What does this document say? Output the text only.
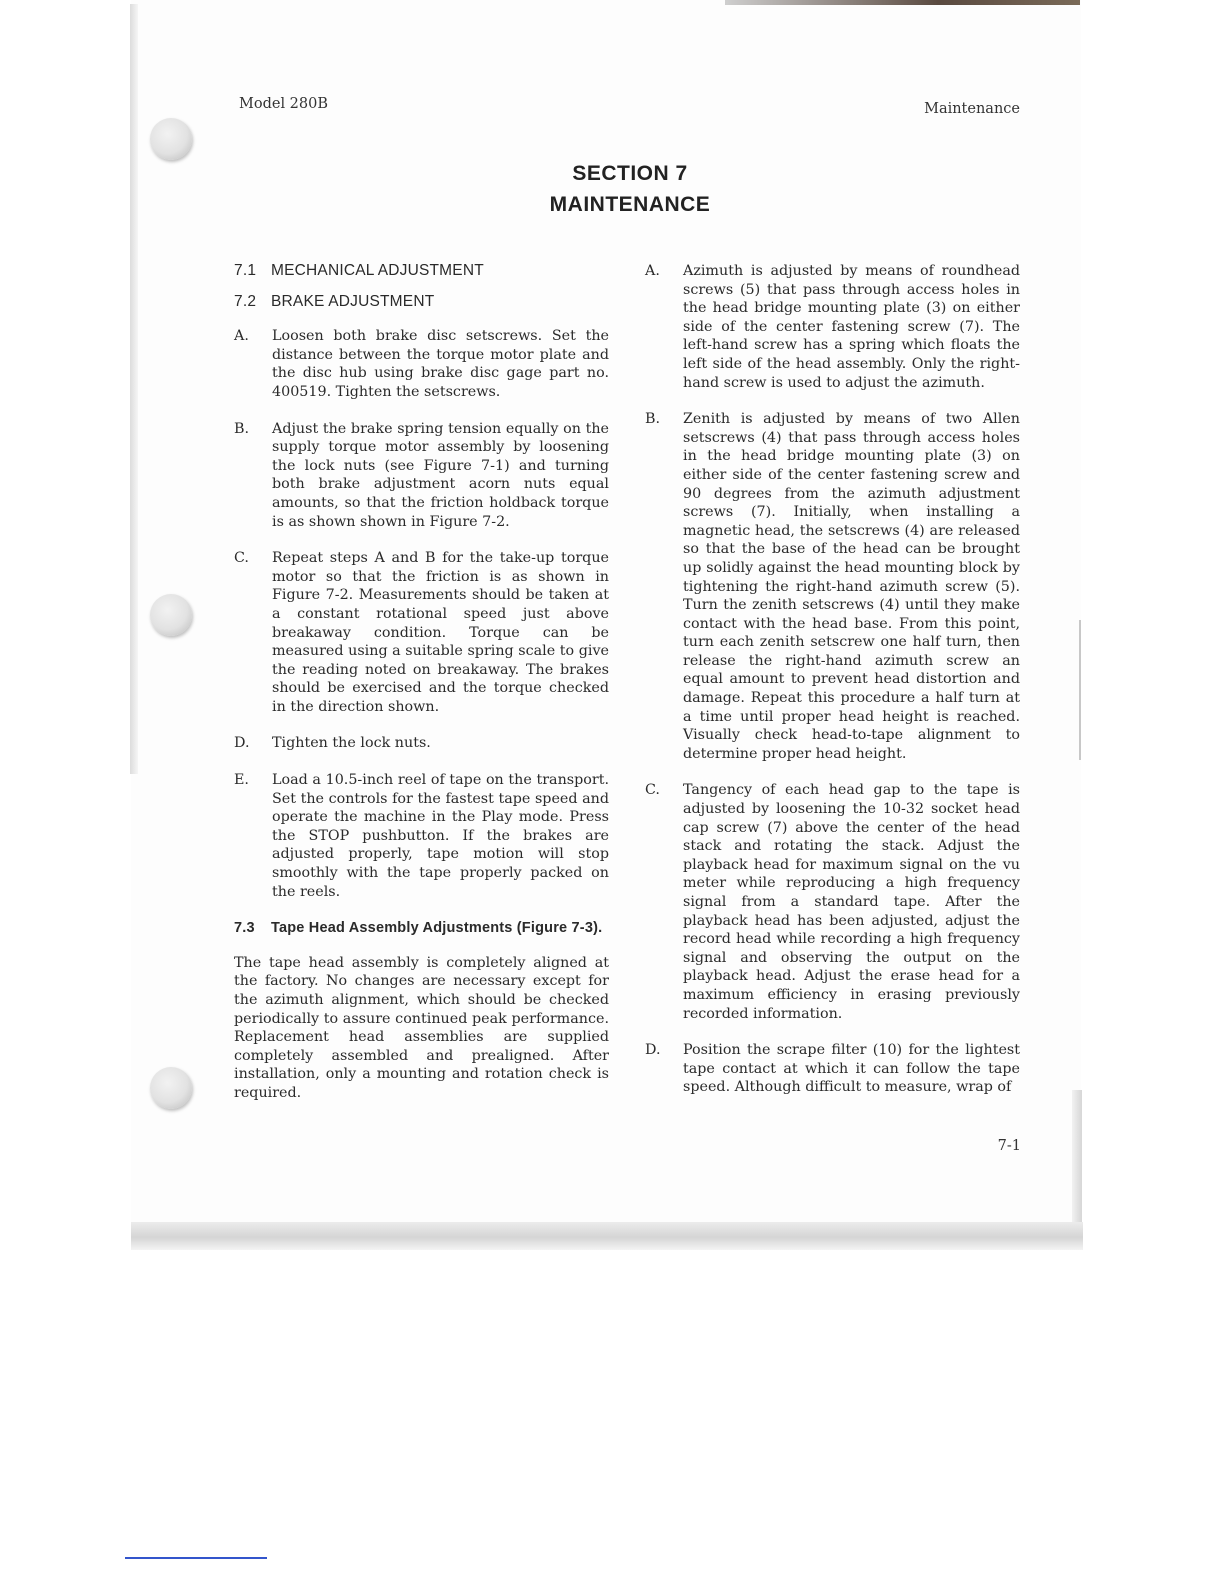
Model 280B	Maintenance
SECTION 7
MAINTENANCE
7.1 MECHANICAL ADJUSTMENT
7.2 BRAKE ADJUSTMENT
A.	Loosen both brake disc setscrews. Set the distance between the torque motor plate and the disc hub using brake disc gage part no. 400519. Tighten the setscrews.
B.	Adjust the brake spring tension equally on the supply torque motor assembly by loosening the lock nuts (see Figure 7-1) and turning both brake adjustment acorn nuts equal amounts, so that the friction holdback torque is as shown shown in Figure 7-2.
C.	Repeat steps A and B for the take-up torque motor so that the friction is as shown in Figure 7-2. Measurements should be taken at a constant rotational speed just above breakaway condition. Torque can be measured using a suitable spring scale to give the reading noted on breakaway. The brakes should be exercised and the torque checked in the direction shown.
D.	Tighten the lock nuts.
E.	Load a 10.5-inch reel of tape on the transport. Set the controls for the fastest tape speed and operate the machine in the Play mode. Press the STOP pushbutton. If the brakes are adjusted properly, tape motion will stop smoothly with the tape properly packed on the reels.
7.3 Tape Head Assembly Adjustments (Figure 7-3).
The tape head assembly is completely aligned at the factory. No changes are necessary except for the azimuth alignment, which should be checked periodically to assure continued peak performance. Replacement head assemblies are supplied completely assembled and prealigned. After installation, only a mounting and rotation check is required.
A.	Azimuth is adjusted by means of roundhead screws (5) that pass through access holes in the head bridge mounting plate (3) on either side of the center fastening screw (7). The left-hand screw has a spring which floats the left side of the head assembly. Only the right-hand screw is used to adjust the azimuth.
B.	Zenith is adjusted by means of two Allen setscrews (4) that pass through access holes in the head bridge mounting plate (3) on either side of the center fastening screw and 90 degrees from the azimuth adjustment screws (7). Initially, when installing a magnetic head, the setscrews (4) are released so that the base of the head can be brought up solidly against the head mounting block by tightening the right-hand azimuth screw (5). Turn the zenith setscrews (4) until they make contact with the head base. From this point, turn each zenith setscrew one half turn, then release the right-hand azimuth screw an equal amount to prevent head distortion and damage. Repeat this procedure a half turn at a time until proper head height is reached. Visually check head-to-tape alignment to determine proper head height.
C.	Tangency of each head gap to the tape is adjusted by loosening the 10-32 socket head cap screw (7) above the center of the head stack and rotating the stack. Adjust the playback head for maximum signal on the vu meter while reproducing a high frequency signal from a standard tape. After the playback head has been adjusted, adjust the record head while recording a high frequency signal and observing the output on the playback head. Adjust the erase head for a maximum efficiency in erasing previously recorded information.
D.	Position the scrape filter (10) for the lightest tape contact at which it can follow the tape speed. Although difficult to measure, wrap of
7-1
